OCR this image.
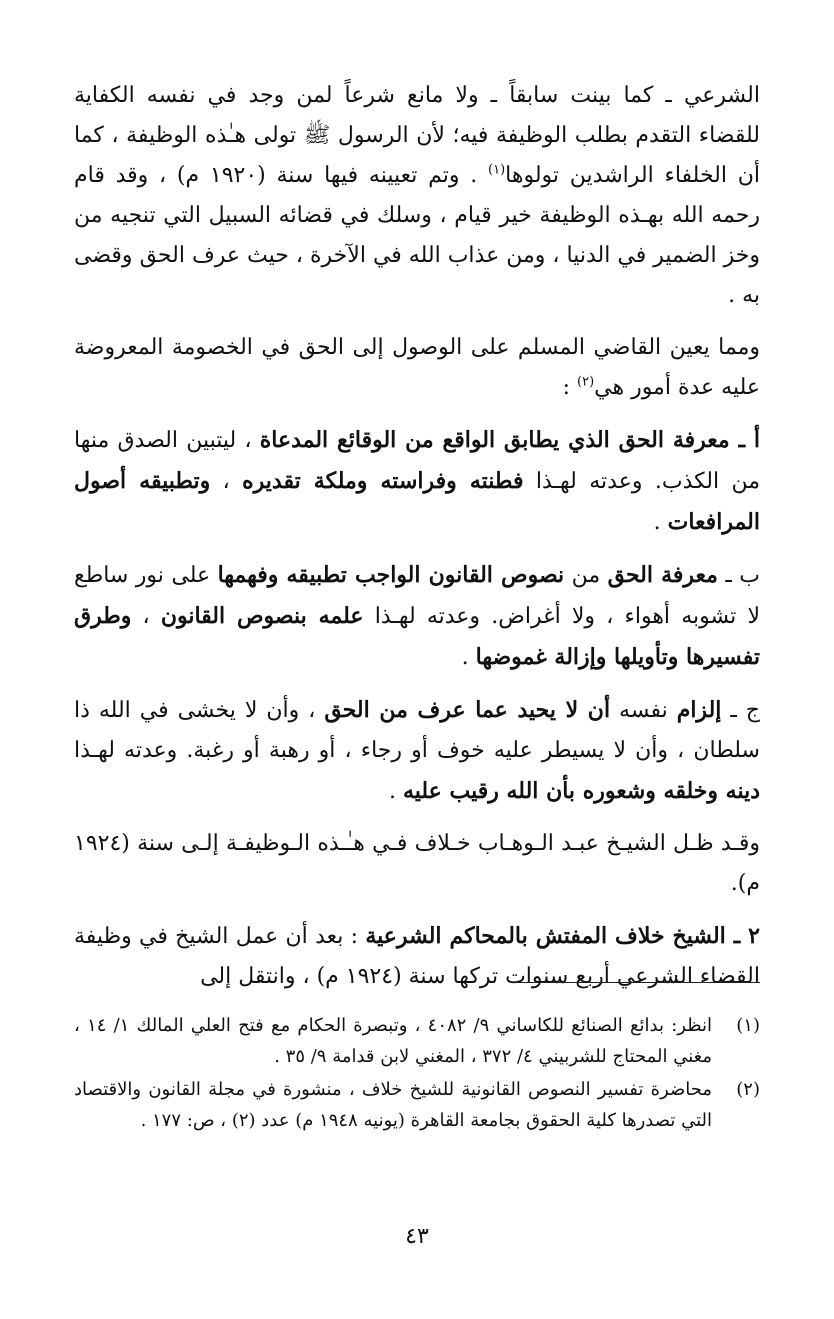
الشرعي ـ كما بينت سابقاً ـ ولا مانع شرعاً لمن وجد في نفسه الكفاية للقضاء التقدم بطلب الوظيفة فيه؛ لأن الرسول ﷺ تولى هـٰذه الوظيفة ، كما أن الخلفاء الراشدين تولوها$^{(١)}$ . وتم تعيينه فيها سنة (١٩٢٠ م) ، وقد قام رحمه الله بهـذه الوظيفة خير قيام ، وسلك في قضائه السبيل التي تنجيه من وخز الضمير في الدنيا ، ومن عذاب الله في الآخرة ، حيث عرف الحق وقضى به .

ومما يعين القاضي المسلم على الوصول إلى الحق في الخصومة المعروضة عليه عدة أمور هي$^{(٢)}$ :

أ ـ معرفة الحق الذي يطابق الواقع من الوقائع المدعاة ، ليتبين الصدق منها من الكذب. وعدته لهـذا فطنته وفراسته وملكة تقديره ، وتطبيقه أصول المرافعات .

ب ـ معرفة الحق من نصوص القانون الواجب تطبيقه وفهمها على نور ساطع لا تشوبه أهواء ، ولا أغراض. وعدته لهـذا علمه بنصوص القانون ، وطرق تفسيرها وتأويلها وإزالة غموضها .

ج ـ إلزام نفسه أن لا يحيد عما عرف من الحق ، وأن لا يخشى في الله ذا سلطان ، وأن لا يسيطر عليه خوف أو رجاء ، أو رهبة أو رغبة. وعدته لهـذا دينه وخلقه وشعوره بأن الله رقيب عليه .

وقـد ظـل الشيـخ عبـد الـوهـاب خـلاف فـي هـٰـذه الـوظيفـة إلـى سنة (١٩٢٤ م).

٢ ـ الشيخ خلاف المفتش بالمحاكم الشرعية : بعد أن عمل الشيخ في وظيفة القضاء الشرعي أربع سنوات تركها سنة (١٩٢٤ م) ، وانتقل إلى

(١)
انظر: بدائع الصنائع للكاساني ٩/ ٤٠٨٢ ، وتبصرة الحكام مع فتح العلي المالك ١/ ١٤ ، مغني المحتاج للشربيني ٤/ ٣٧٢ ، المغني لابن قدامة ٩/ ٣٥ .
(٢)
محاضرة تفسير النصوص القانونية للشيخ خلاف ، منشورة في مجلة القانون والاقتصاد التي تصدرها كلية الحقوق بجامعة القاهرة (يونيه ١٩٤٨ م) عدد (٢) ، ص: ١٧٧ .
٤٣
